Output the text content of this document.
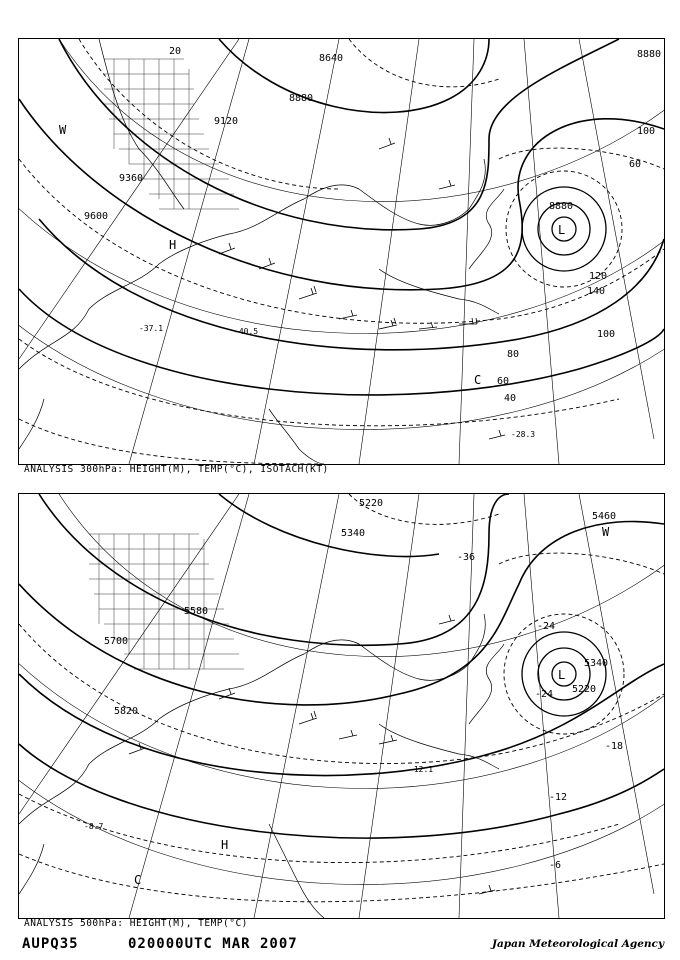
20
9120
9360
9600
8880
8640
8880
8880
40
60
80
100
120
140
60
100
L
W
H
C
-28.3
-37.1	-40.5
ANALYSIS 300hPa: HEIGHT(M), TEMP(°C), ISOTACH(KT)
5220
5340
5460
5580
5700
5820
5340
5220
-36
-24
-24
-18
-12
-6
L
W
H
C
-8.7
-12.1
ANALYSIS 500hPa: HEIGHT(M), TEMP(°C)
AUPQ35	020000UTC MAR 2007	Japan Meteorological Agency
